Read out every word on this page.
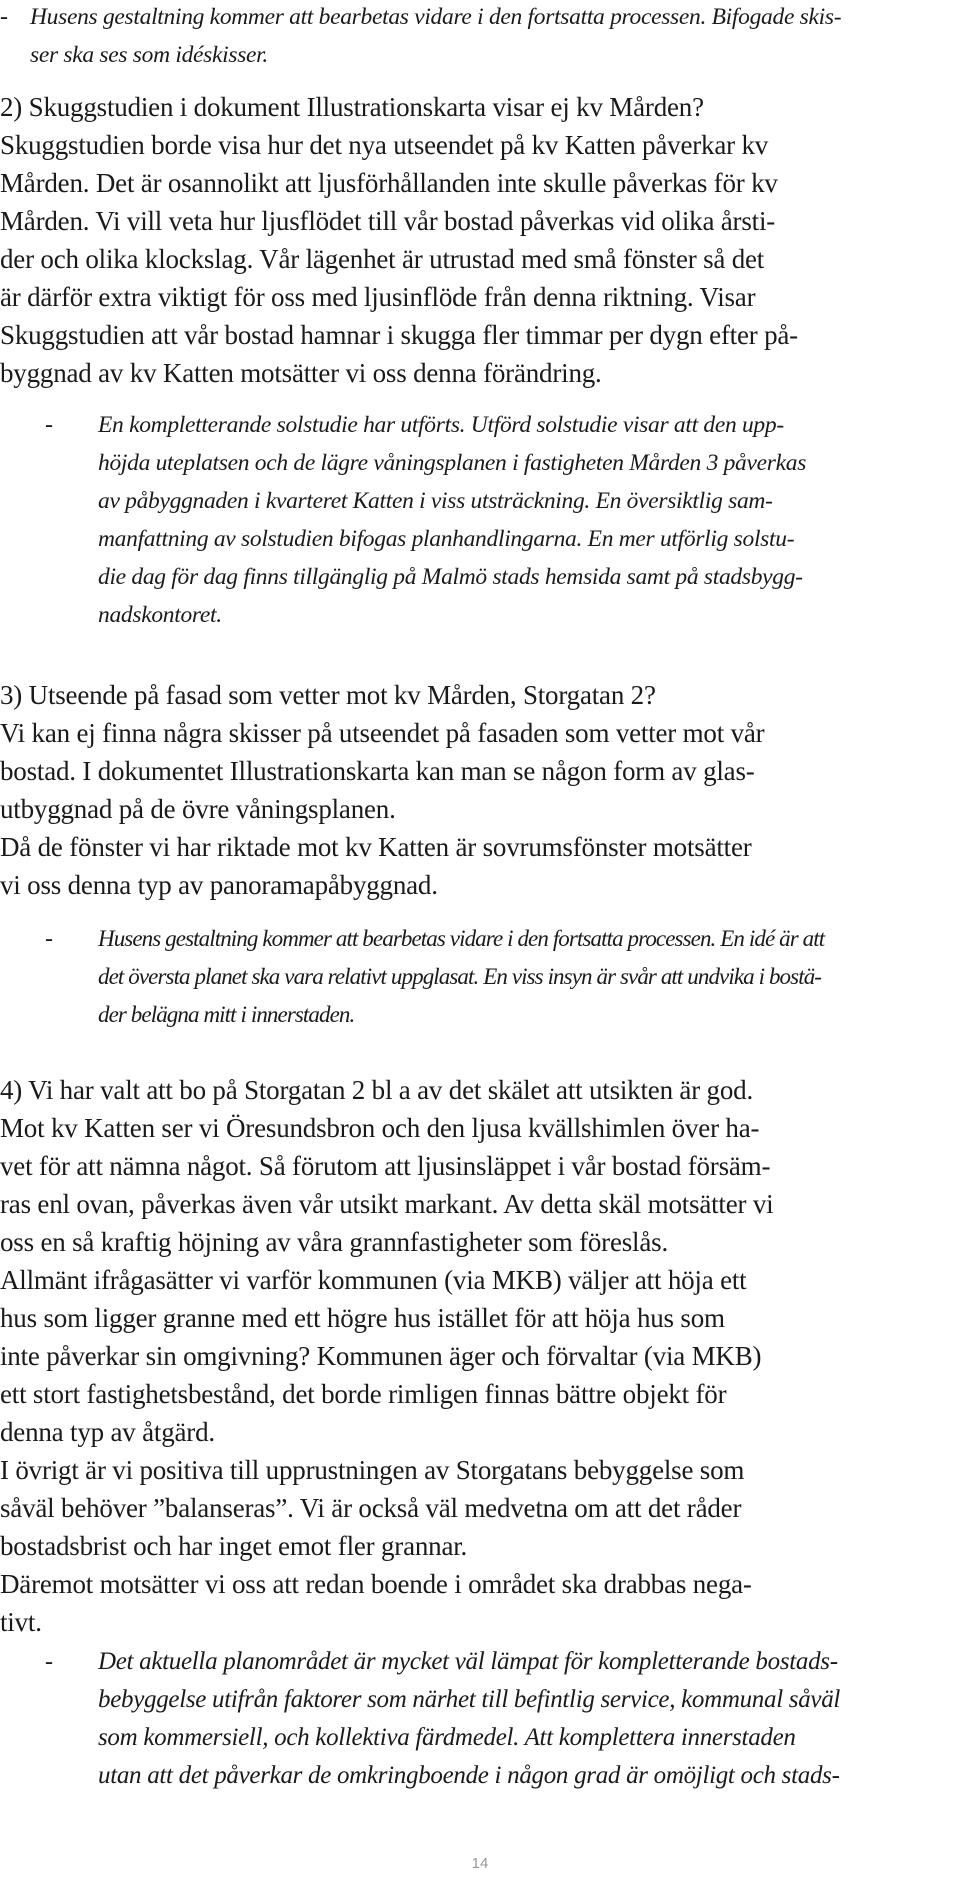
- Husens gestaltning kommer att bearbetas vidare i den fortsatta processen. Bifogade skis-
ser ska ses som idéskisser.
2) Skuggstudien i dokument Illustrationskarta visar ej kv Mården?
Skuggstudien borde visa hur det nya utseendet på kv Katten påverkar kv
Mården. Det är osannolikt att ljusförhållanden inte skulle påverkas för kv
Mården. Vi vill veta hur ljusflödet till vår bostad påverkas vid olika årsti-
der och olika klockslag. Vår lägenhet är utrustad med små fönster så det
är därför extra viktigt för oss med ljusinflöde från denna riktning. Visar
Skuggstudien att vår bostad hamnar i skugga fler timmar per dygn efter på-
byggnad av kv Katten motsätter vi oss denna förändring.
- En kompletterande solstudie har utförts. Utförd solstudie visar att den upp-
höjda uteplatsen och de lägre våningsplanen i fastigheten Mården 3 påverkas
av påbyggnaden i kvarteret Katten i viss utsträckning. En översiktlig sam-
manfattning av solstudien bifogas planhandlingarna. En mer utförlig solstu-
die dag för dag finns tillgänglig på Malmö stads hemsida samt på stadsbygg-
nadskontoret.
3) Utseende på fasad som vetter mot kv Mården, Storgatan 2?
Vi kan ej finna några skisser på utseendet på fasaden som vetter mot vår
bostad. I dokumentet Illustrationskarta kan man se någon form av glas-
utbyggnad på de övre våningsplanen.
Då de fönster vi har riktade mot kv Katten är sovrumsfönster motsätter
vi oss denna typ av panoramapåbyggnad.
- Husens gestaltning kommer att bearbetas vidare i den fortsatta processen. En idé är att
det översta planet ska vara relativt uppglasat. En viss insyn är svår att undvika i bostä-
der belägna mitt i innerstaden.
4) Vi har valt att bo på Storgatan 2 bl a av det skälet att utsikten är god.
Mot kv Katten ser vi Öresundsbron och den ljusa kvällshimlen över ha-
vet för att nämna något. Så förutom att ljusinsläppet i vår bostad försäm-
ras enl ovan, påverkas även vår utsikt markant. Av detta skäl motsätter vi
oss en så kraftig höjning av våra grannfastigheter som föreslås.
Allmänt ifrågasätter vi varför kommunen (via MKB) väljer att höja ett
hus som ligger granne med ett högre hus istället för att höja hus som
inte påverkar sin omgivning? Kommunen äger och förvaltar (via MKB)
ett stort fastighetsbestånd, det borde rimligen finnas bättre objekt för
denna typ av åtgärd.
I övrigt är vi positiva till upprustningen av Storgatans bebyggelse som
såväl behöver ”balanseras”. Vi är också väl medvetna om att det råder
bostadsbrist och har inget emot fler grannar.
Däremot motsätter vi oss att redan boende i området ska drabbas nega-
tivt.
- Det aktuella planområdet är mycket väl lämpat för kompletterande bostads-
bebyggelse utifrån faktorer som närhet till befintlig service, kommunal såväl
som kommersiell, och kollektiva färdmedel. Att komplettera innerstaden
utan att det påverkar de omkringboende i någon grad är omöjligt och stads-
14
